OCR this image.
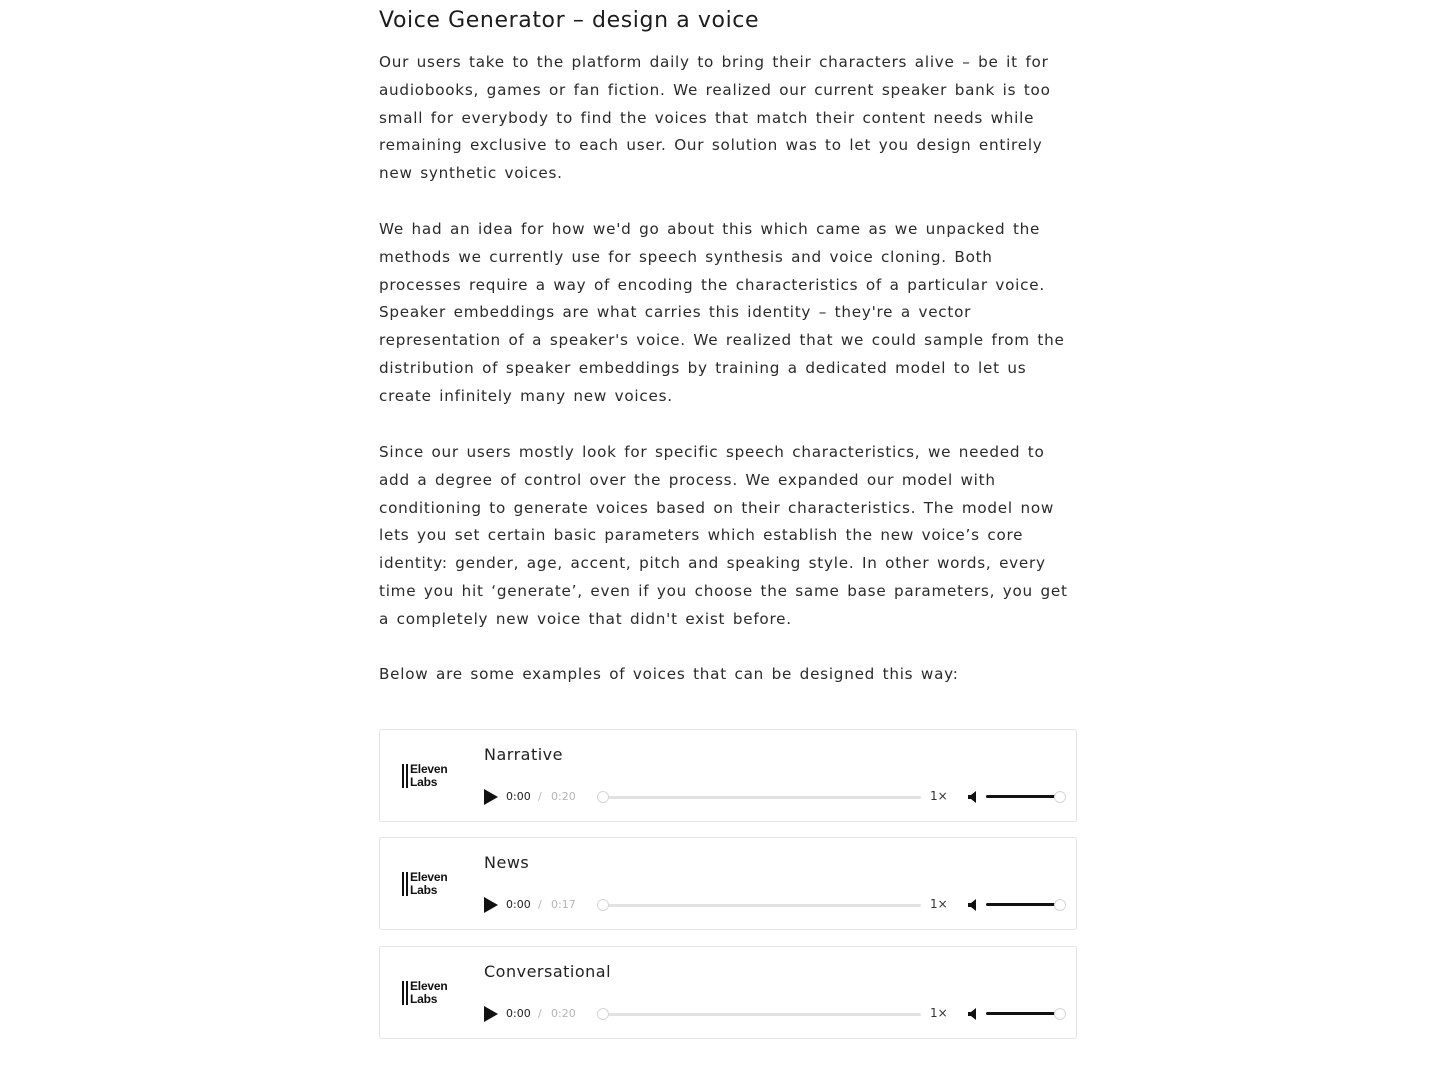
Voice Generator – design a voice

Our users take to the platform daily to bring their characters alive – be it for audiobooks, games or fan fiction. We realized our current speaker bank is too small for everybody to find the voices that match their content needs while remaining exclusive to each user. Our solution was to let you design entirely new synthetic voices.

We had an idea for how we'd go about this which came as we unpacked the methods we currently use for speech synthesis and voice cloning. Both processes require a way of encoding the characteristics of a particular voice. Speaker embeddings are what carries this identity – they're a vector representation of a speaker's voice. We realized that we could sample from the distribution of speaker embeddings by training a dedicated model to let us create infinitely many new voices.

Since our users mostly look for specific speech characteristics, we needed to add a degree of control over the process. We expanded our model with conditioning to generate voices based on their characteristics. The model now lets you set certain basic parameters which establish the new voice’s core identity: gender, age, accent, pitch and speaking style. In other words, every time you hit ‘generate’, even if you choose the same base parameters, you get a completely new voice that didn't exist before.

Below are some examples of voices that can be designed this way:

Eleven
Labs
Narrative
0:00 / 0:20	1×
Eleven
Labs
News
0:00 / 0:17	1×
Eleven
Labs
Conversational
0:00 / 0:20	1×
